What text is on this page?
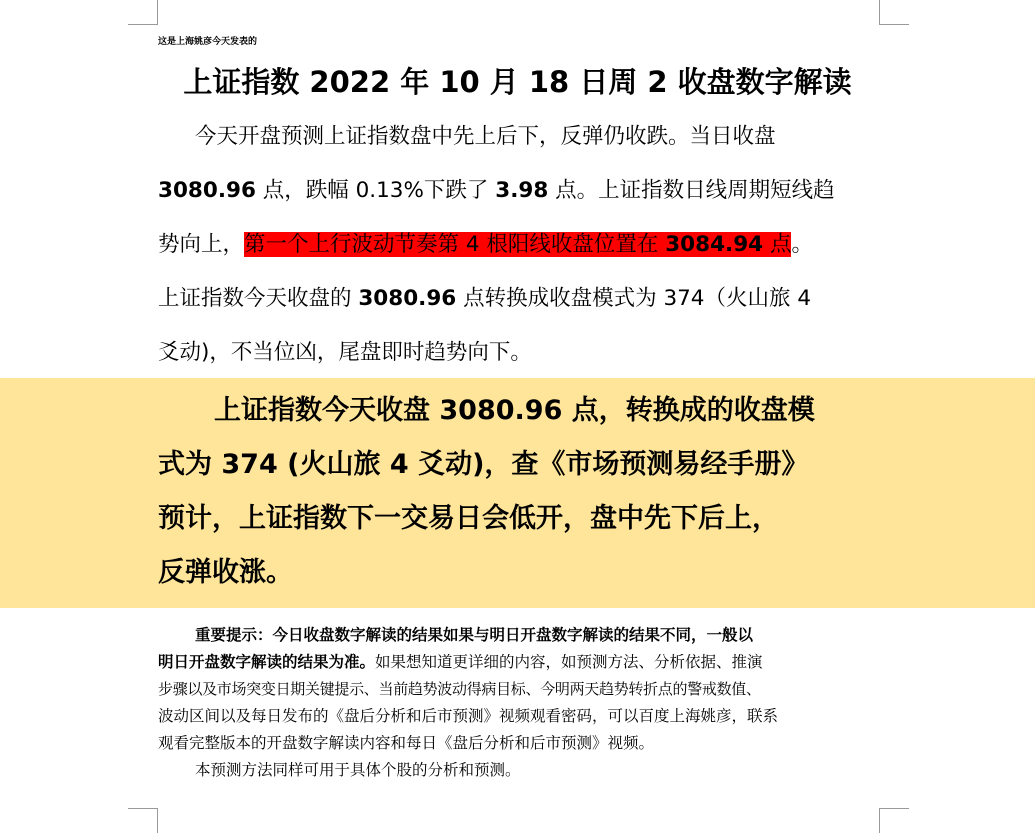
这是上海姚彦今天发表的
上证指数 2022 年 10 月 18 日周 2 收盘数字解读
今天开盘预测上证指数盘中先上后下，反弹仍收跌。当日收盘
3080.96 点，跌幅 0.13%下跌了 3.98 点。上证指数日线周期短线趋
势向上，第一个上行波动节奏第 4 根阳线收盘位置在 3084.94 点。
上证指数今天收盘的 3080.96 点转换成收盘模式为 374（火山旅 4
爻动)，不当位凶，尾盘即时趋势向下。
上证指数今天收盘 3080.96 点，转换成的收盘模
式为 374 (火山旅 4 爻动)，查《市场预测易经手册》
预计，上证指数下一交易日会低开，盘中先下后上，
反弹收涨。
重要提示：今日收盘数字解读的结果如果与明日开盘数字解读的结果不同，一般以
明日开盘数字解读的结果为准。如果想知道更详细的内容，如预测方法、分析依据、推演
步骤以及市场突变日期关键提示、当前趋势波动得病目标、今明两天趋势转折点的警戒数值、
波动区间以及每日发布的《盘后分析和后市预测》视频观看密码，可以百度上海姚彦，联系
观看完整版本的开盘数字解读内容和每日《盘后分析和后市预测》视频。
本预测方法同样可用于具体个股的分析和预测。
